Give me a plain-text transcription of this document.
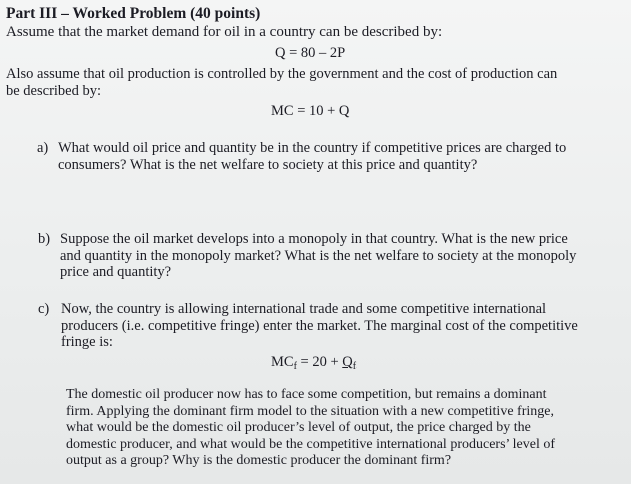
Part III – Worked Problem (40 points)
Assume that the market demand for oil in a country can be described by:
Q = 80 – 2P
Also assume that oil production is controlled by the government and the cost of production can
be described by:
MC = 10 + Q
a) What would oil price and quantity be in the country if competitive prices are charged to
consumers? What is the net welfare to society at this price and quantity?
b) Suppose the oil market develops into a monopoly in that country. What is the new price
and quantity in the monopoly market? What is the net welfare to society at the monopoly
price and quantity?
c) Now, the country is allowing international trade and some competitive international
producers (i.e. competitive fringe) enter the market. The marginal cost of the competitive
fringe is:
$MC_f = 20 + Q_f$
The domestic oil producer now has to face some competition, but remains a dominant
firm. Applying the dominant firm model to the situation with a new competitive fringe,
what would be the domestic oil producer’s level of output, the price charged by the
domestic producer, and what would be the competitive international producers’ level of
output as a group? Why is the domestic producer the dominant firm?
